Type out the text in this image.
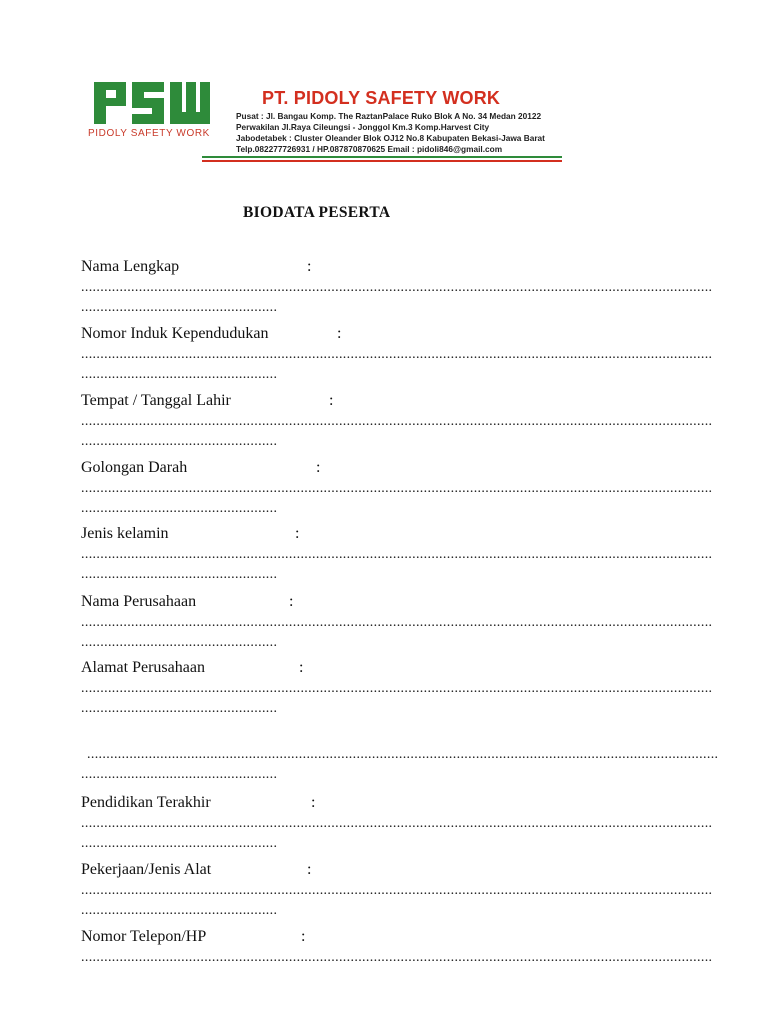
PIDOLY SAFETY WORK
PT. PIDOLY SAFETY WORK
Pusat : Jl. Bangau Komp. The RaztanPalace Ruko Blok A No. 34 Medan 20122
Perwakilan Jl.Raya Cileungsi - Jonggol Km.3 Komp.Harvest City
Jabodetabek : Cluster Oleander Blok OJ12 No.8 Kabupaten Bekasi-Jawa Barat
Telp.082277726931 / HP.087870870625 Email : pidoli846@gmail.com
BIODATA PESERTA
Nama Lengkap	:
....................................................................................................................................................................
...................................................
Nomor Induk Kependudukan	:
....................................................................................................................................................................
...................................................
Tempat / Tanggal Lahir	:
....................................................................................................................................................................
...................................................
Golongan Darah	:
....................................................................................................................................................................
...................................................
Jenis kelamin	:
....................................................................................................................................................................
...................................................
Nama Perusahaan	:
....................................................................................................................................................................
...................................................
Alamat Perusahaan	:
....................................................................................................................................................................
...................................................
....................................................................................................................................................................
...................................................
Pendidikan Terakhir	:
....................................................................................................................................................................
...................................................
Pekerjaan/Jenis Alat	:
....................................................................................................................................................................
...................................................
Nomor Telepon/HP	:
....................................................................................................................................................................
